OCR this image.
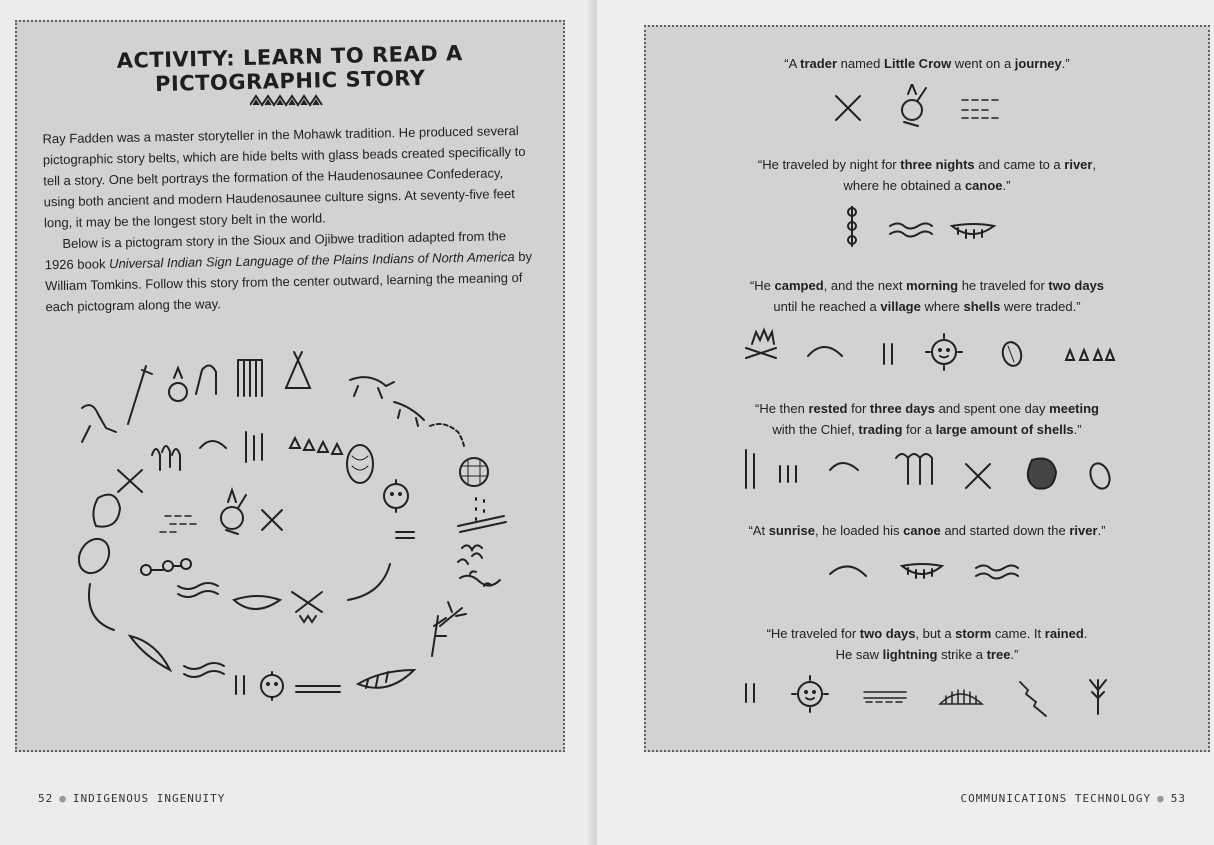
ACTIVITY: LEARN TO READ A PICTOGRAPHIC STORY

Ray Fadden was a master storyteller in the Mohawk tradition. He produced several pictographic story belts, which are hide belts with glass beads created specifically to tell a story. One belt portrays the formation of the Haudenosaunee Confederacy, using both ancient and modern Haudenosaunee culture signs. At seventy-five feet long, it may be the longest story belt in the world.

Below is a pictogram story in the Sioux and Ojibwe tradition adapted from the 1926 book Universal Indian Sign Language of the Plains Indians of North America by William Tomkins. Follow this story from the center outward, learning the meaning of each pictogram along the way.

52 ● INDIGENOUS INGENUITY
“A trader named Little Crow went on a journey.”
“He traveled by night for three nights and came to a river,
where he obtained a canoe.”
“He camped, and the next morning he traveled for two days
until he reached a village where shells were traded.”
“He then rested for three days and spent one day meeting
with the Chief, trading for a large amount of shells.”
“At sunrise, he loaded his canoe and started down the river.”
“He traveled for two days, but a storm came. It rained.
He saw lightning strike a tree.”
COMMUNICATIONS TECHNOLOGY ● 53
